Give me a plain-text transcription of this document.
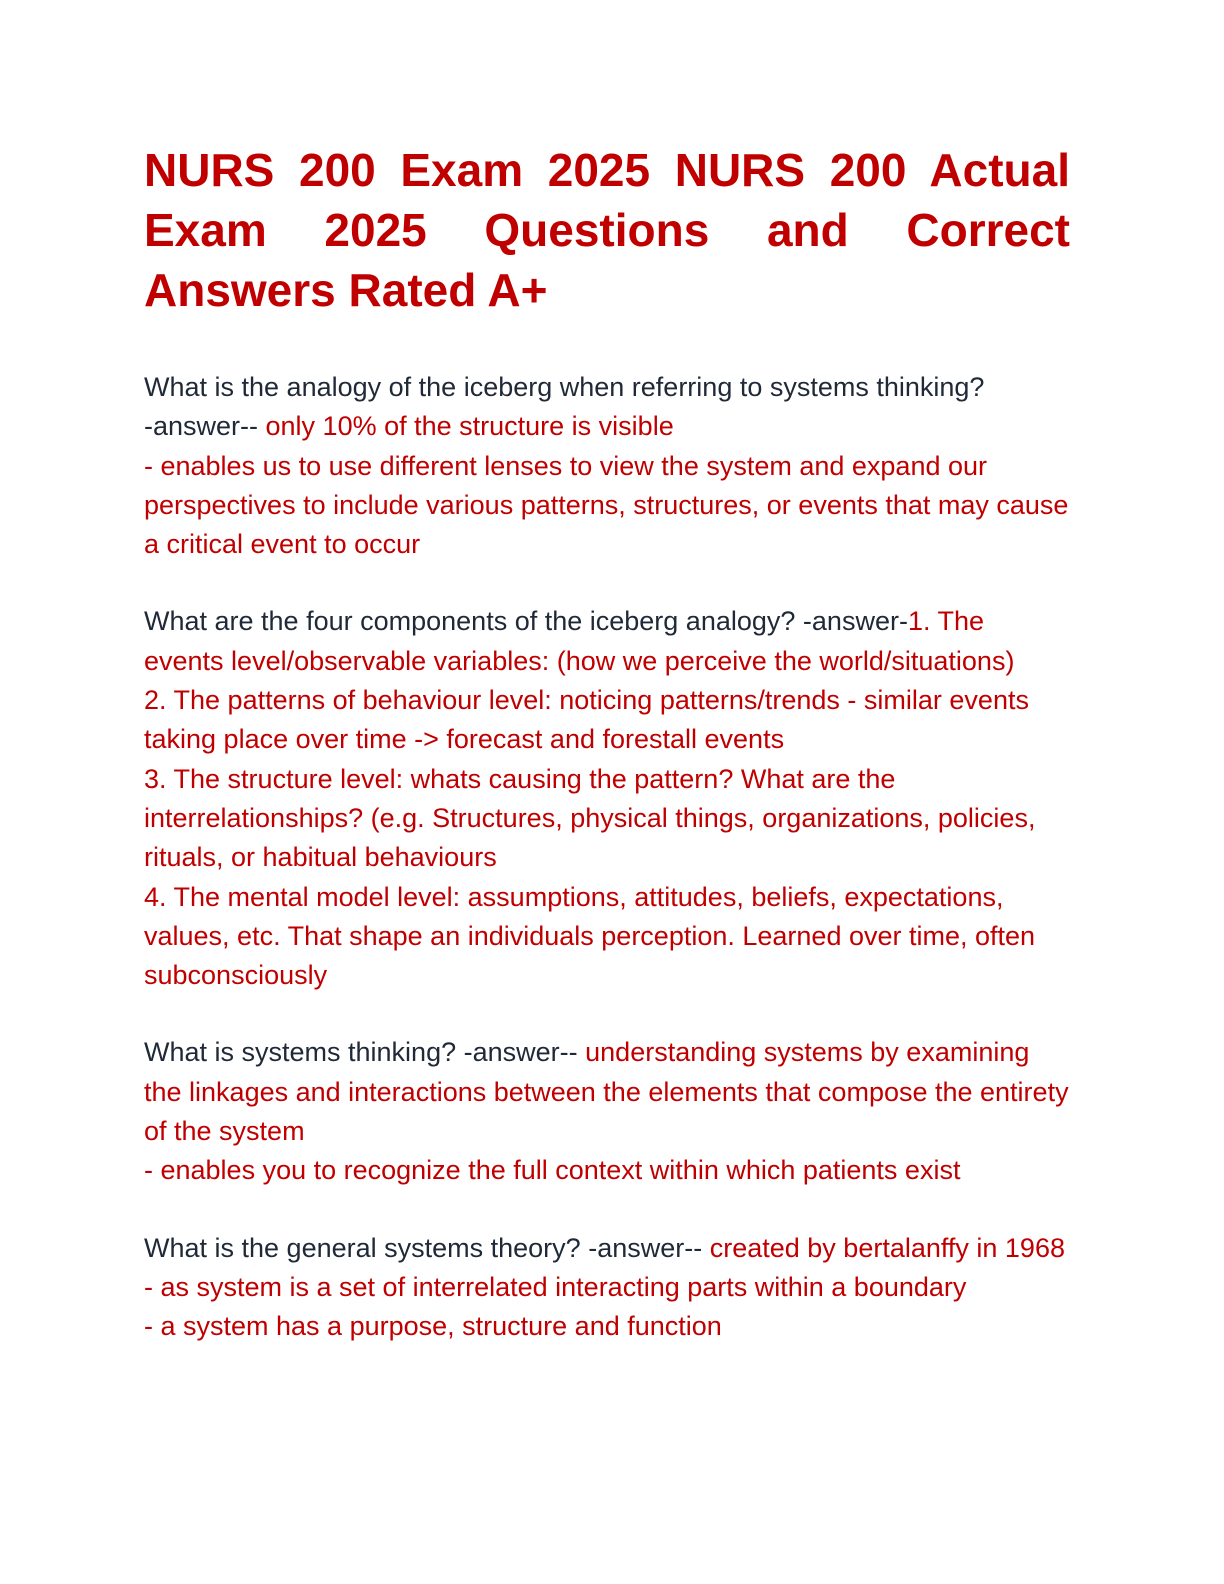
NURS 200 Exam 2025 NURS 200 Actual Exam 2025 Questions and Correct Answers Rated A+
What is the analogy of the iceberg when referring to systems thinking?
-answer-- only 10% of the structure is visible
- enables us to use different lenses to view the system and expand our perspectives to include various patterns, structures, or events that may cause a critical event to occur
What are the four components of the iceberg analogy? -answer-1. The events level/observable variables: (how we perceive the world/situations)
2. The patterns of behaviour level: noticing patterns/trends - similar events taking place over time -> forecast and forestall events
3. The structure level: whats causing the pattern? What are the interrelationships? (e.g. Structures, physical things, organizations, policies, rituals, or habitual behaviours
4. The mental model level: assumptions, attitudes, beliefs, expectations, values, etc. That shape an individuals perception. Learned over time, often subconsciously
What is systems thinking? -answer-- understanding systems by examining the linkages and interactions between the elements that compose the entirety of the system
- enables you to recognize the full context within which patients exist
What is the general systems theory? -answer-- created by bertalanffy in 1968
- as system is a set of interrelated interacting parts within a boundary
- a system has a purpose, structure and function
